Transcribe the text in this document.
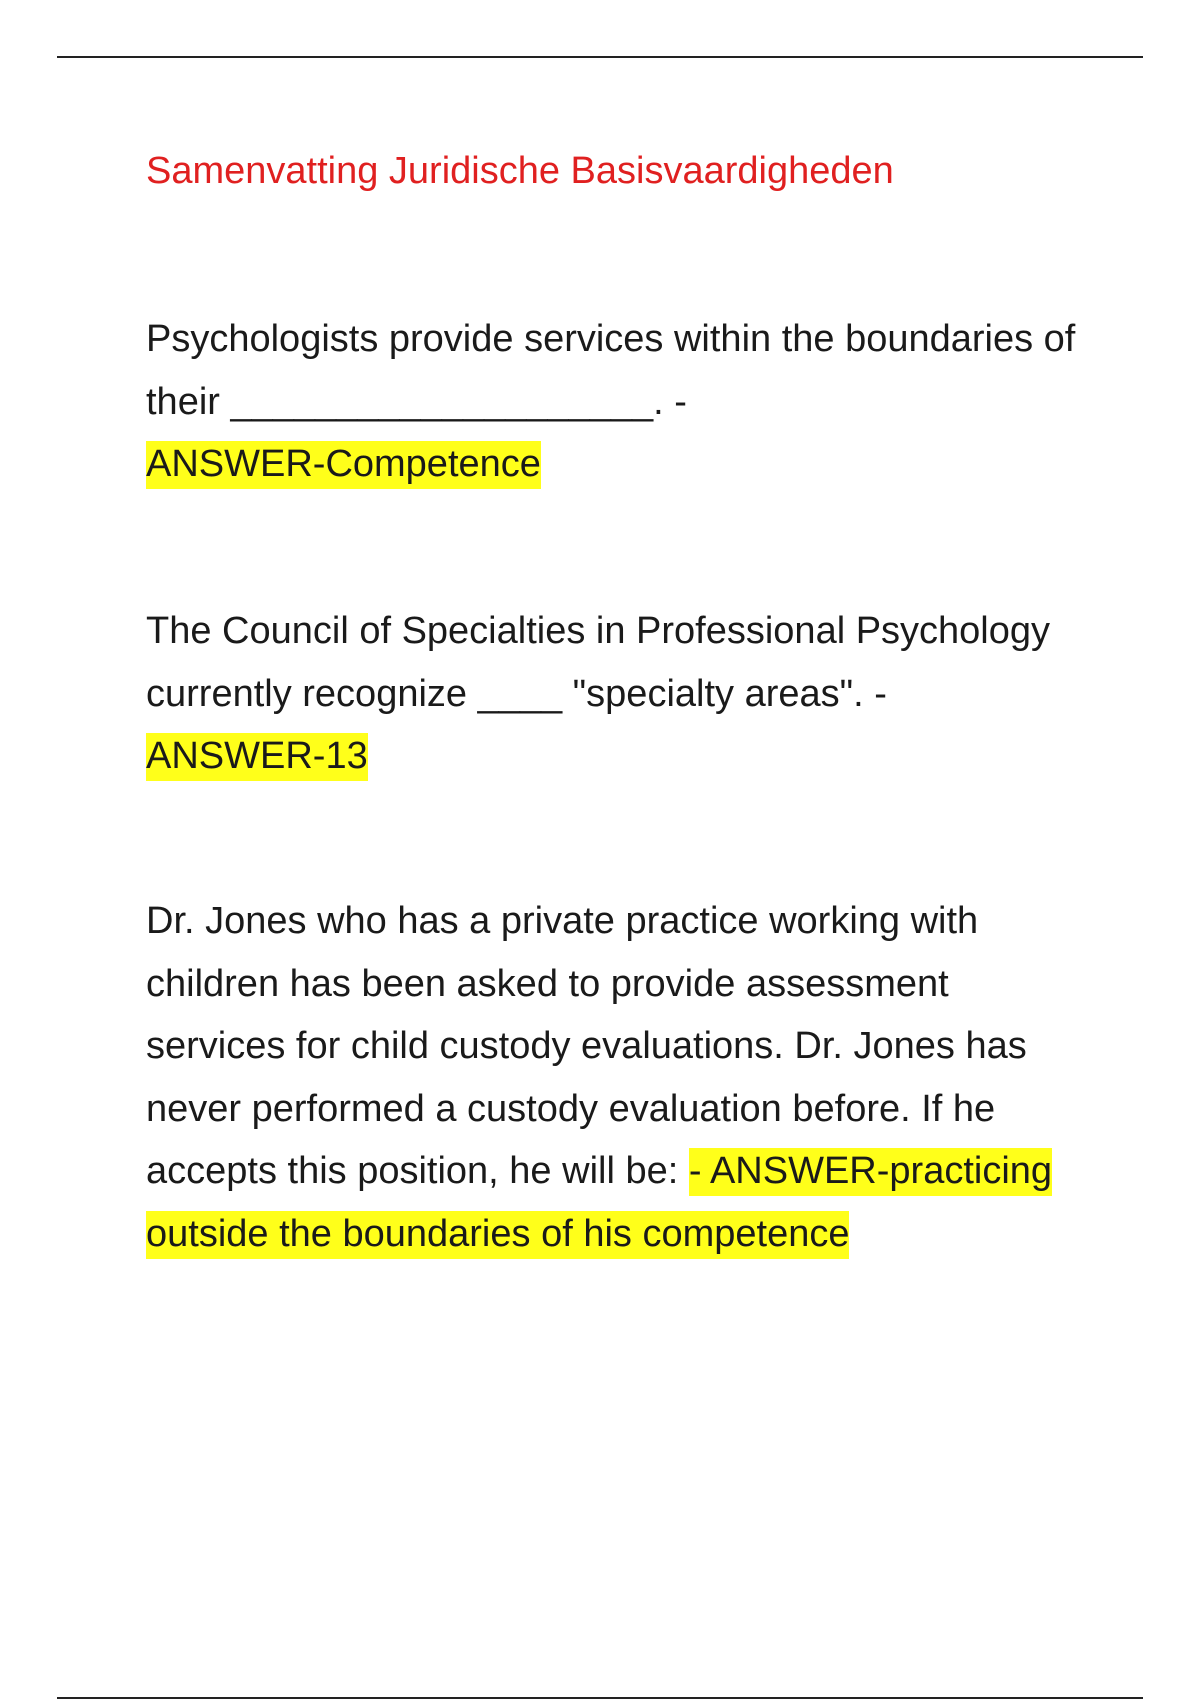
Samenvatting Juridische Basisvaardigheden

Psychologists provide services within the boundaries of their ____________________. -
ANSWER-Competence

The Council of Specialties in Professional Psychology currently recognize ____ "specialty areas". -
ANSWER-13

Dr. Jones who has a private practice working with children has been asked to provide assessment services for child custody evaluations. Dr. Jones has never performed a custody evaluation before. If he accepts this position, he will be: - ANSWER-practicing outside the boundaries of his competence
